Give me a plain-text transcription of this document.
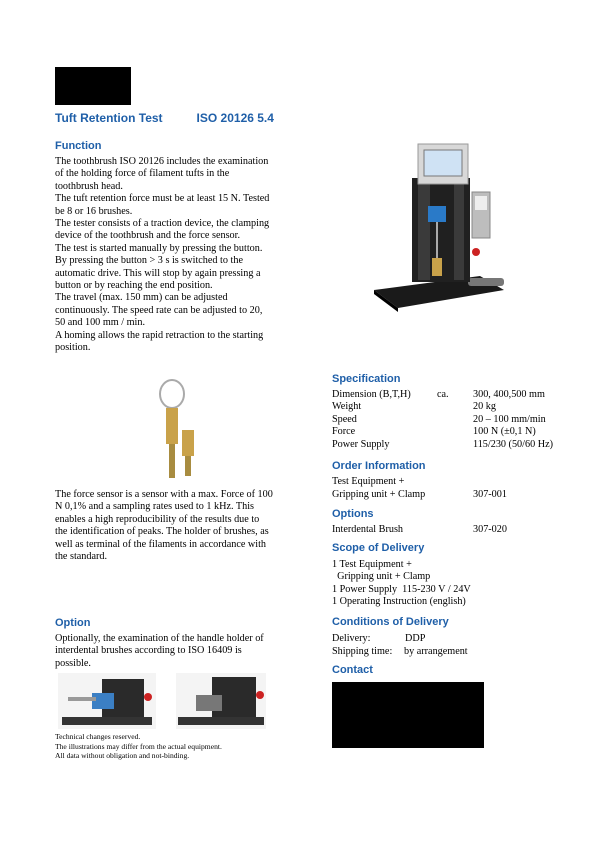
Tuft Retention Test	ISO 20126 5.4
Function

The toothbrush ISO 20126 includes the examination

of the holding force of filament tufts in the

toothbrush head.

The tuft retention force must be at least 15 N. Tested

be 8 or 16 brushes.

The tester consists of a traction device, the clamping

device of the toothbrush and the force sensor.

The test is started manually by pressing the button.

By pressing the button > 3 s is switched to the

automatic drive. This will stop by again pressing a

button or by reaching the end position.

The travel (max. 150 mm) can be adjusted

continuously. The speed rate can be adjusted to 20,

50 and 100 mm / min.

A homing allows the rapid retraction to the starting

position.

The force sensor is a sensor with a max. Force of 100

N 0,1% and a sampling rates used to 1 kHz. This

enables a high reproducibility of the results due to

the identification of peaks. The holder of brushes, as

well as terminal of the filaments in accordance with

the standard.

Option

Optionally, the examination of the handle holder of

interdental brushes according to ISO 16409 is

possible.

Technical changes reserved.

The illustrations may differ from the actual equipment.

All data without obligation and not-binding.

Specification
Dimension (B,T,H)	ca.	300, 400,500 mm
Weight		20 kg
Speed		20 – 100 mm/min
Force		100 N (±0,1 N)
Power Supply		115/230 (50/60 Hz)
Order Information
Test Equipment +
Gripping unit + Clamp	307-001
Options
Interdental Brush	307-020
Scope of Delivery

1 Test Equipment +

Gripping unit + Clamp

1 Power Supply  115-230 V / 24V

1 Operating Instruction (english)

Conditions of Delivery
Delivery:	DDP
Shipping time: by arrangement
Contact
